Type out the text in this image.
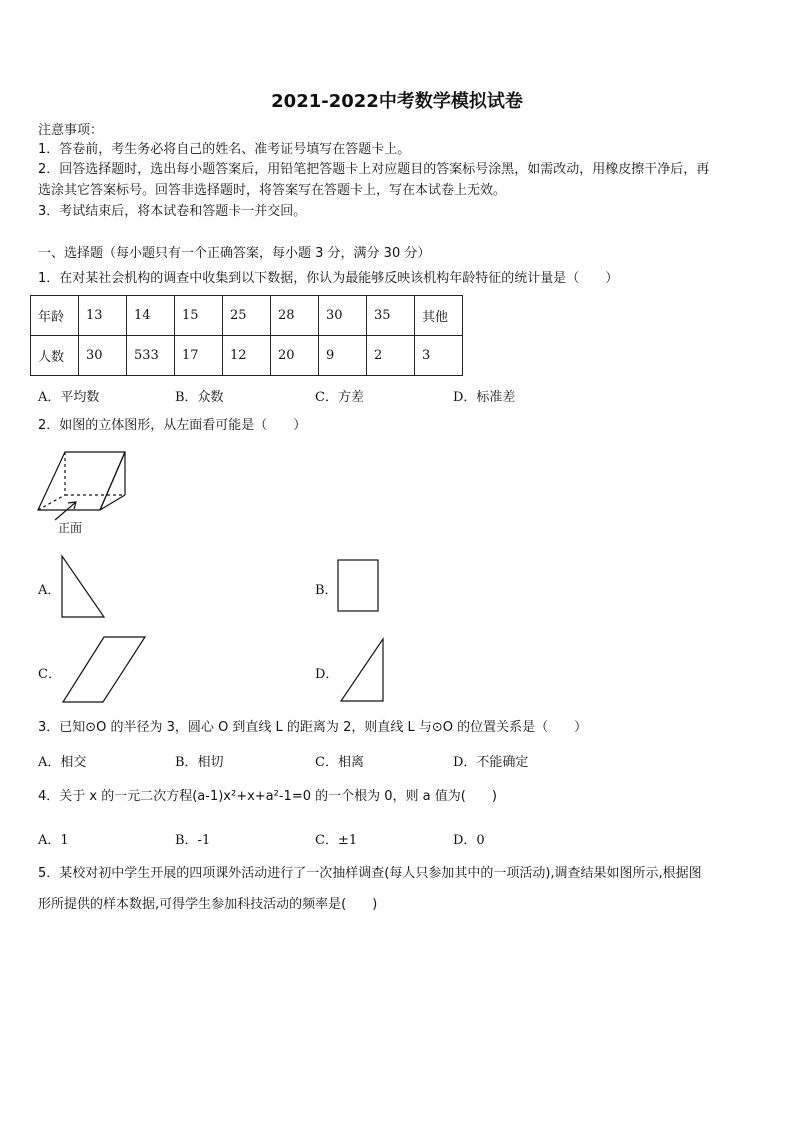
2021-2022中考数学模拟试卷
注意事项：
1．答卷前，考生务必将自己的姓名、准考证号填写在答题卡上。
2．回答选择题时，选出每小题答案后，用铅笔把答题卡上对应题目的答案标号涂黑，如需改动，用橡皮擦干净后，再
选涂其它答案标号。回答非选择题时，将答案写在答题卡上，写在本试卷上无效。
3．考试结束后，将本试卷和答题卡一并交回。
一、选择题（每小题只有一个正确答案，每小题 3 分，满分 30 分）
1．在对某社会机构的调查中收集到以下数据，你认为最能够反映该机构年龄特征的统计量是（　　）
年龄	13	14	15	25	28	30	35	其他
人数	30	533	17	12	20	9	2	3
A．平均数	B．众数	C．方差	D．标准差
2．如图的立体图形，从左面看可能是（　　）
正面
A．	B．
C．	D．
3．已知⊙O 的半径为 3，圆心 O 到直线 L 的距离为 2，则直线 L 与⊙O 的位置关系是（　　）
A．相交	B．相切	C．相离	D．不能确定
4．关于 x 的一元二次方程(a-1)x²+x+a²-1=0 的一个根为 0，则 a 值为(　　)
A．1	B．-1	C．±1	D．0
5．某校对初中学生开展的四项课外活动进行了一次抽样调查(每人只参加其中的一项活动),调查结果如图所示,根据图
形所提供的样本数据,可得学生参加科技活动的频率是(　　)
